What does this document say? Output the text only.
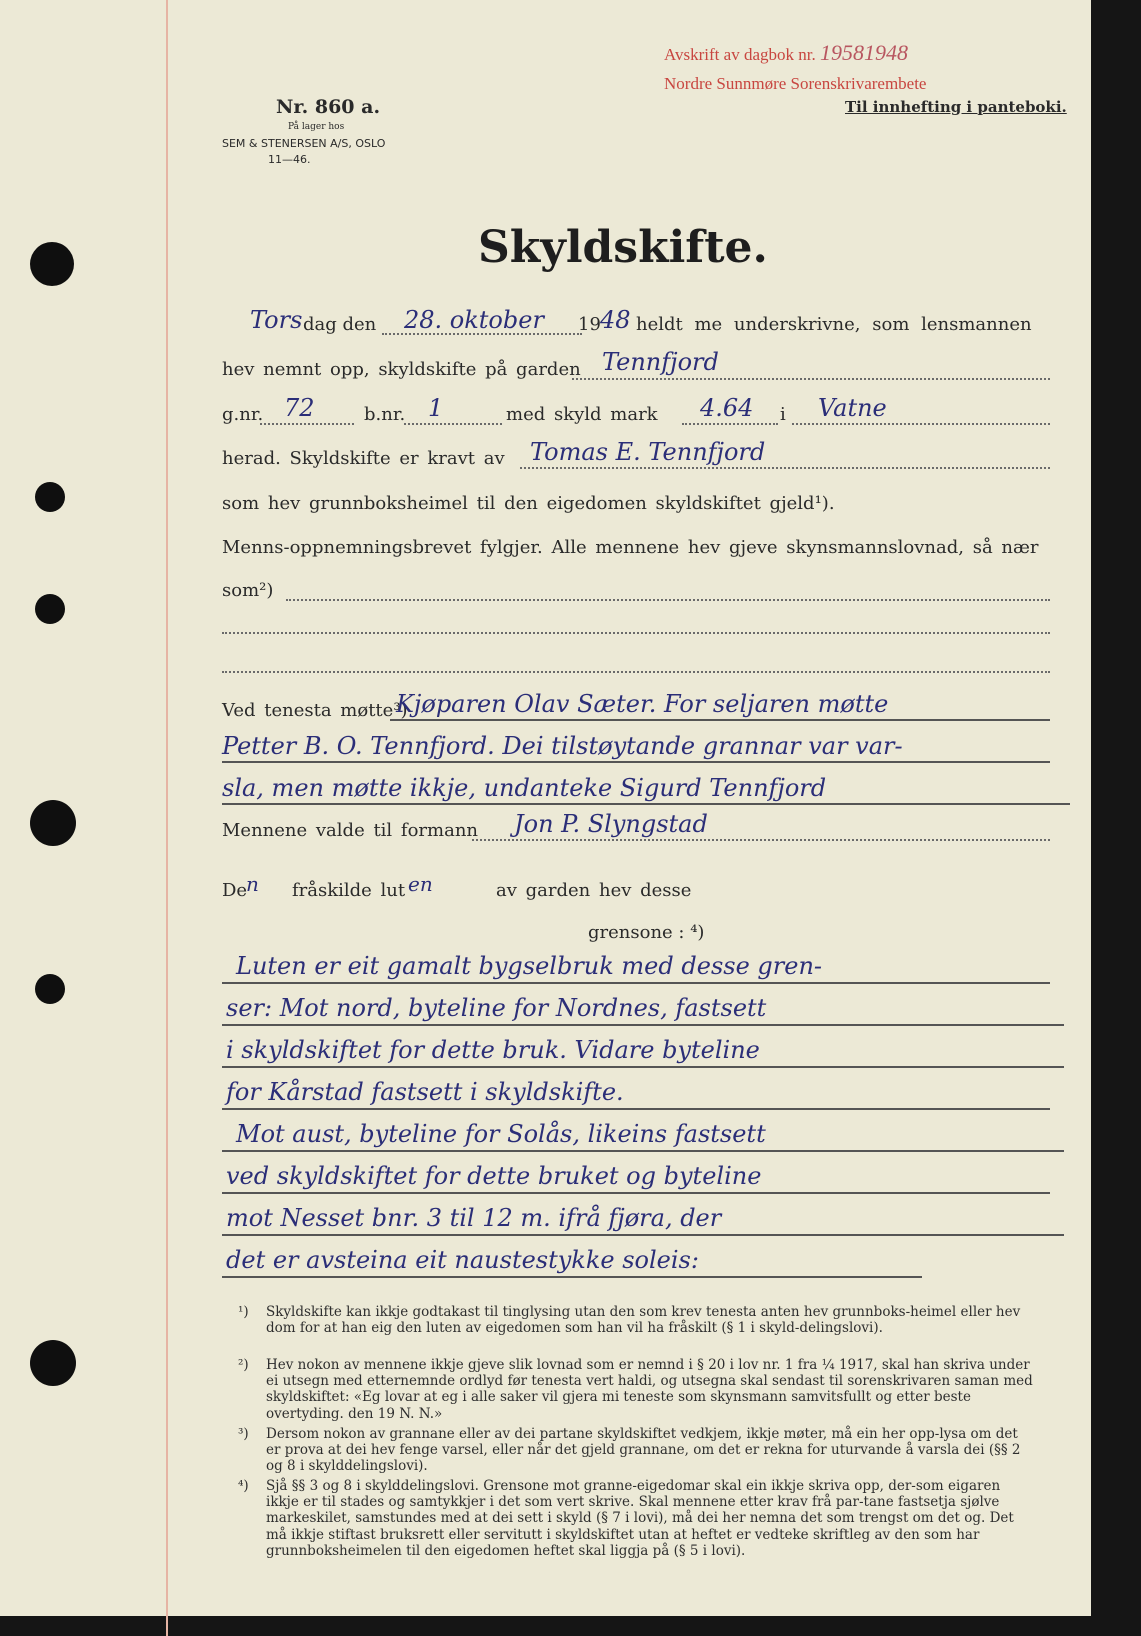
Avskrift av dagbok nr. 19581948
Nordre Sunnmøre Sorenskrivarembete
Nr. 860 a.
På lager hos
SEM & STENERSEN A/S, OSLO
11—46.
Til innhefting i panteboki.
Skyldskifte.
Tors dag den 28. oktober 19 48 heldt me underskrivne, som lensmannen
hev nemnt opp, skyldskifte på garden Tennfjord
g.nr. 72	b.nr. 1	med skyld mark 4.64 i Vatne
herad. Skyldskifte er kravt av Tomas E. Tennfjord
som hev grunnboksheimel til den eigedomen skyldskiftet gjeld¹).
Menns-oppnemningsbrevet fylgjer. Alle mennene hev gjeve skynsmannslovnad, så nær
som²)
Ved tenesta møtte³)
Kjøparen Olav Sæter. For seljaren møtte
Petter B. O. Tennfjord. Dei tilstøytande grannar var var-
sla, men møtte ikkje, undanteke Sigurd Tennfjord
Mennene valde til formann Jon P. Slyngstad
De
n fråskilde lut en	av garden hev desse
grensone : ⁴)
Luten er eit gamalt bygselbruk med desse gren-
ser: Mot nord, byteline for Nordnes, fastsett
i skyldskiftet for dette bruk. Vidare byteline
for Kårstad fastsett i skyldskifte.
Mot aust, byteline for Solås, likeins fastsett
ved skyldskiftet for dette bruket og byteline
mot Nesset bnr. 3 til 12 m. ifrå fjøra, der
det er avsteina eit naustestykke soleis:
¹) Skyldskifte kan ikkje godtakast til tinglysing utan den som krev tenesta anten hev grunnboks-heimel eller hev dom for at han eig den luten av eigedomen som han vil ha fråskilt (§ 1 i skyld-delingslovi).
²) Hev nokon av mennene ikkje gjeve slik lovnad som er nemnd i § 20 i lov nr. 1 fra ¼ 1917, skal han skriva under ei utsegn med etternemnde ordlyd før tenesta vert haldi, og utsegna skal sendast til sorenskrivaren saman med skyldskiftet: «Eg lovar at eg i alle saker vil gjera mi teneste som skynsmann samvitsfullt og etter beste overtyding. den 19 N. N.»
³) Dersom nokon av grannane eller av dei partane skyldskiftet vedkjem, ikkje møter, må ein her opp-lysa om det er prova at dei hev fenge varsel, eller når det gjeld grannane, om det er rekna for uturvande å varsla dei (§§ 2 og 8 i skylddelingslovi).
⁴) Sjå §§ 3 og 8 i skylddelingslovi. Grensone mot granne-eigedomar skal ein ikkje skriva opp, der-som eigaren ikkje er til stades og samtykkjer i det som vert skrive. Skal mennene etter krav frå par-tane fastsetja sjølve markeskilet, samstundes med at dei sett i skyld (§ 7 i lovi), må dei her nemna det som trengst om det og. Det må ikkje stiftast bruksrett eller servitutt i skyldskiftet utan at heftet er vedteke skriftleg av den som har grunnboksheimelen til den eigedomen heftet skal liggja på (§ 5 i lovi).
